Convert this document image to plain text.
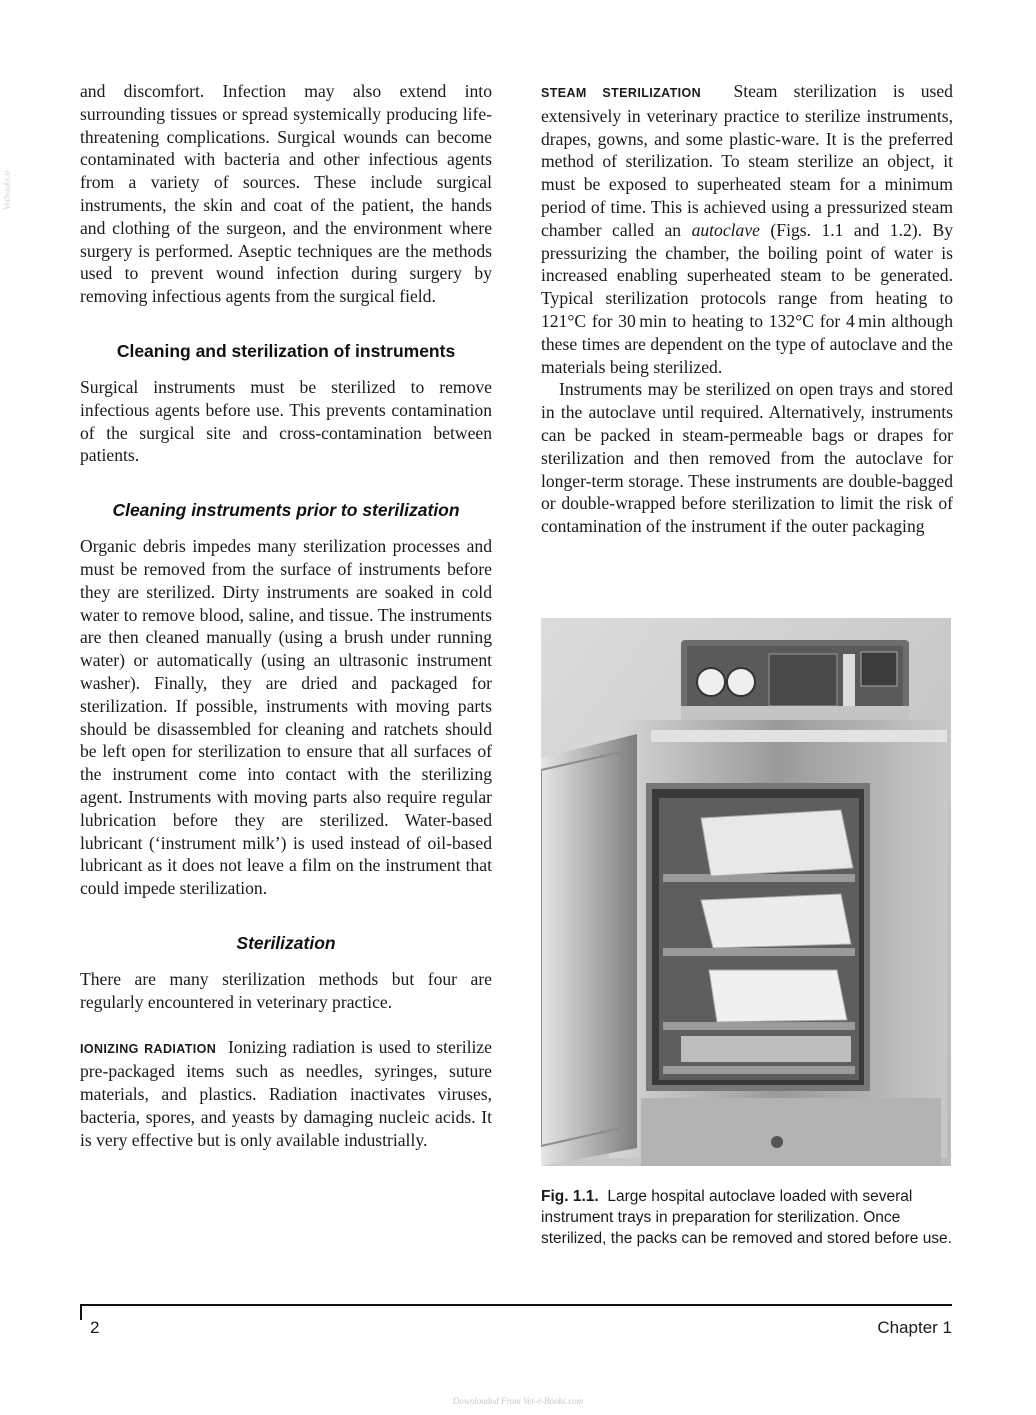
and discomfort. Infection may also extend into surrounding tissues or spread systemically producing life-threatening complications. Surgical wounds can become contaminated with bacteria and other infectious agents from a variety of sources. These include surgical instruments, the skin and coat of the patient, the hands and clothing of the surgeon, and the environment where surgery is performed. Aseptic techniques are the methods used to prevent wound infection during surgery by removing infectious agents from the surgical field.

Cleaning and sterilization of instruments

Surgical instruments must be sterilized to remove infectious agents before use. This prevents contamination of the surgical site and cross-contamination between patients.

Cleaning instruments prior to sterilization

Organic debris impedes many sterilization processes and must be removed from the surface of instruments before they are sterilized. Dirty instruments are soaked in cold water to remove blood, saline, and tissue. The instruments are then cleaned manually (using a brush under running water) or automatically (using an ultrasonic instrument washer). Finally, they are dried and packaged for sterilization. If possible, instruments with moving parts should be disassembled for cleaning and ratchets should be left open for sterilization to ensure that all surfaces of the instrument come into contact with the sterilizing agent. Instruments with moving parts also require regular lubrication before they are sterilized. Water-based lubricant (‘instrument milk’) is used instead of oil-based lubricant as it does not leave a film on the instrument that could impede sterilization.

Sterilization

There are many sterilization methods but four are regularly encountered in veterinary practice.

IONIZING RADIATION Ionizing radiation is used to sterilize pre-packaged items such as needles, syringes, suture materials, and plastics. Radiation inactivates viruses, bacteria, spores, and yeasts by damaging nucleic acids. It is very effective but is only available industrially.

STEAM STERILIZATION Steam sterilization is used extensively in veterinary practice to sterilize instruments, drapes, gowns, and some plastic-ware. It is the preferred method of sterilization. To steam sterilize an object, it must be exposed to superheated steam for a minimum period of time. This is achieved using a pressurized steam chamber called an autoclave (Figs. 1.1 and 1.2). By pressurizing the chamber, the boiling point of water is increased enabling superheated steam to be generated. Typical sterilization protocols range from heating to 121°C for 30 min to heating to 132°C for 4 min although these times are dependent on the type of autoclave and the materials being sterilized.

Instruments may be sterilized on open trays and stored in the autoclave until required. Alternatively, instruments can be packed in steam-permeable bags or drapes for sterilization and then removed from the autoclave for longer-term storage. These instruments are double-bagged or double-wrapped before sterilization to limit the risk of contamination of the instrument if the outer packaging

Fig. 1.1. Large hospital autoclave loaded with several instrument trays in preparation for sterilization. Once sterilized, the packs can be removed and stored before use.
2	Chapter 1
Vetbooks.ir
Downloaded From Vet-e-Books.com
